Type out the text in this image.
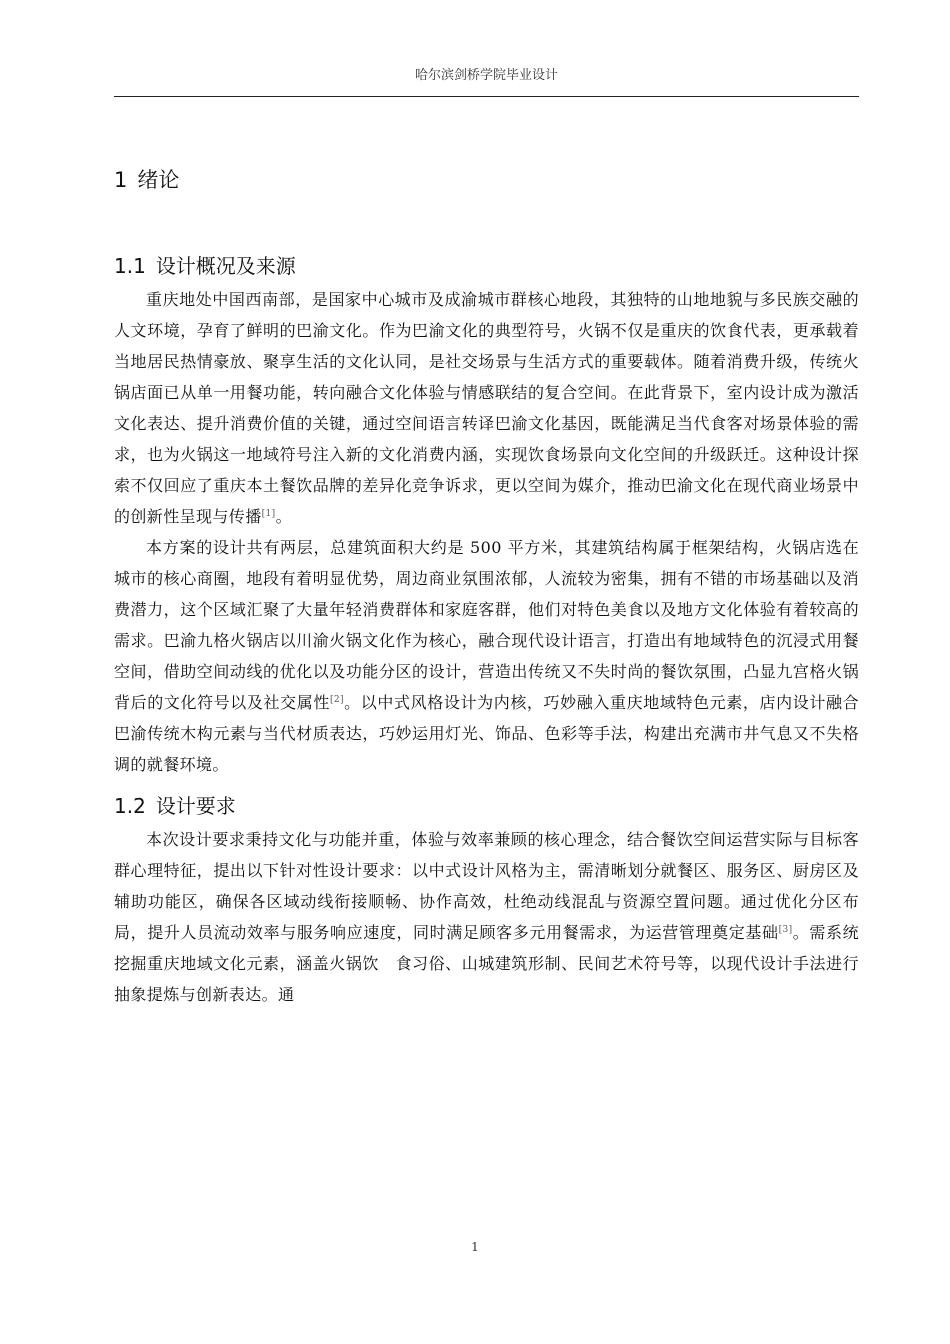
哈尔滨剑桥学院毕业设计
1 绪论
1.1 设计概况及来源

重庆地处中国西南部，是国家中心城市及成渝城市群核心地段，其独特的山地地貌与多民族交融的人文环境，孕育了鲜明的巴渝文化。作为巴渝文化的典型符号，火锅不仅是重庆的饮食代表，更承载着当地居民热情豪放、聚享生活的文化认同，是社交场景与生活方式的重要载体。随着消费升级，传统火锅店面已从单一用餐功能，转向融合文化体验与情感联结的复合空间。在此背景下，室内设计成为激活文化表达、提升消费价值的关键，通过空间语言转译巴渝文化基因，既能满足当代食客对场景体验的需求，也为火锅这一地域符号注入新的文化消费内涵，实现饮食场景向文化空间的升级跃迁。这种设计探索不仅回应了重庆本土餐饮品牌的差异化竞争诉求，更以空间为媒介，推动巴渝文化在现代商业场景中的创新性呈现与传播[1]。

本方案的设计共有两层，总建筑面积大约是 500 平方米，其建筑结构属于框架结构，火锅店选在城市的核心商圈，地段有着明显优势，周边商业氛围浓郁，人流较为密集，拥有不错的市场基础以及消费潜力，这个区域汇聚了大量年轻消费群体和家庭客群，他们对特色美食以及地方文化体验有着较高的需求。巴渝九格火锅店以川渝火锅文化作为核心，融合现代设计语言，打造出有地域特色的沉浸式用餐空间，借助空间动线的优化以及功能分区的设计，营造出传统又不失时尚的餐饮氛围，凸显九宫格火锅背后的文化符号以及社交属性[2]。以中式风格设计为内核，巧妙融入重庆地域特色元素，店内设计融合巴渝传统木构元素与当代材质表达，巧妙运用灯光、饰品、色彩等手法，构建出充满市井气息又不失格调的就餐环境。

1.2 设计要求

本次设计要求秉持文化与功能并重，体验与效率兼顾的核心理念，结合餐饮空间运营实际与目标客群心理特征，提出以下针对性设计要求：以中式设计风格为主，需清晰划分就餐区、服务区、厨房区及辅助功能区，确保各区域动线衔接顺畅、协作高效，杜绝动线混乱与资源空置问题。通过优化分区布局，提升人员流动效率与服务响应速度，同时满足顾客多元用餐需求，为运营管理奠定基础[3]。需系统挖掘重庆地域文化元素，涵盖火锅饮　食习俗、山城建筑形制、民间艺术符号等，以现代设计手法进行抽象提炼与创新表达。通

1
